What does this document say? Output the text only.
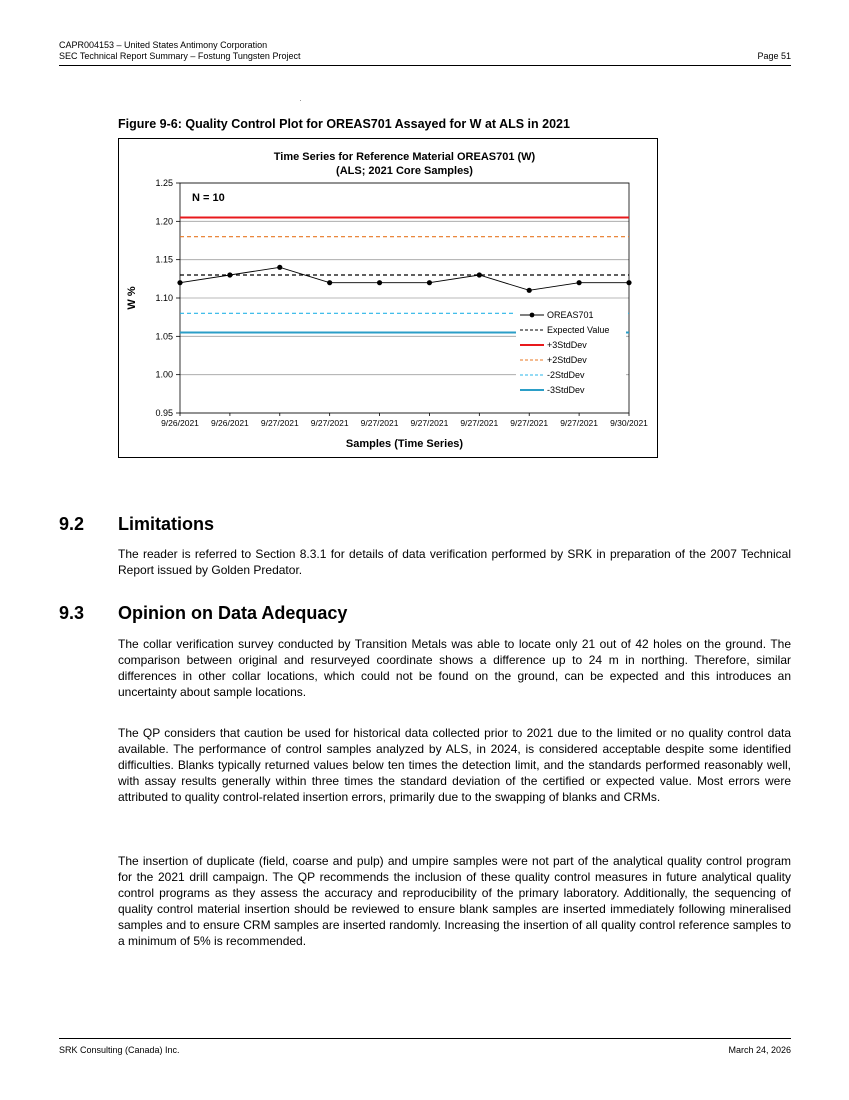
CAPR004153 – United States Antimony Corporation
SEC Technical Report Summary – Fostung Tungsten Project	Page 51
Figure 9-6: Quality Control Plot for OREAS701 Assayed for W at ALS in 2021
Time Series for Reference Material OREAS701 (W)
(ALS; 2021 Core Samples)
0.95
1.00
1.05
1.10
1.15
1.20
1.25
9/26/2021 9/26/2021 9/27/2021 9/27/2021 9/27/2021 9/27/2021 9/27/2021 9/27/2021 9/27/2021 9/30/2021
Samples (Time Series)
W %
N = 10
OREAS701
Expected Value
+3StdDev
+2StdDev
-2StdDev
-3StdDev
9.2 Limitations

The reader is referred to Section 8.3.1 for details of data verification performed by SRK in preparation of the 2007 Technical Report issued by Golden Predator.

9.3 Opinion on Data Adequacy

The collar verification survey conducted by Transition Metals was able to locate only 21 out of 42 holes on the ground. The comparison between original and resurveyed coordinate shows a difference up to 24 m in northing. Therefore, similar differences in other collar locations, which could not be found on the ground, can be expected and this introduces an uncertainty about sample locations.

The QP considers that caution be used for historical data collected prior to 2021 due to the limited or no quality control data available. The performance of control samples analyzed by ALS, in 2024, is considered acceptable despite some identified difficulties. Blanks typically returned values below ten times the detection limit, and the standards performed reasonably well, with assay results generally within three times the standard deviation of the certified or expected value. Most errors were attributed to quality control-related insertion errors, primarily due to the swapping of blanks and CRMs.

The insertion of duplicate (field, coarse and pulp) and umpire samples were not part of the analytical quality control program for the 2021 drill campaign. The QP recommends the inclusion of these quality control measures in future analytical quality control programs as they assess the accuracy and reproducibility of the primary laboratory. Additionally, the sequencing of quality control material insertion should be reviewed to ensure blank samples are inserted immediately following mineralised samples and to ensure CRM samples are inserted randomly. Increasing the insertion of all quality control reference samples to a minimum of 5% is recommended.

SRK Consulting (Canada) Inc.	March 24, 2026
